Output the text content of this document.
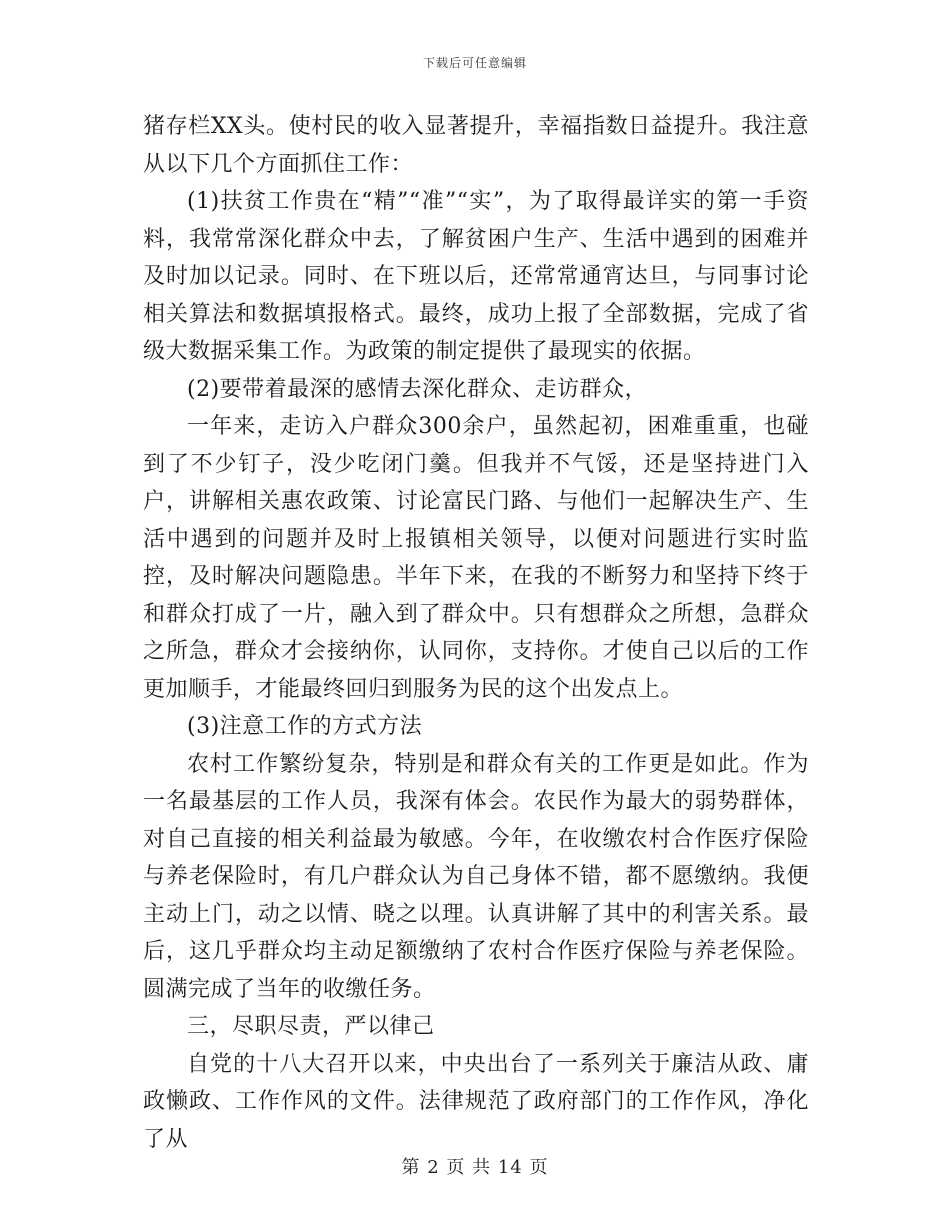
下载后可任意编辑

猪存栏XX头。使村民的收入显著提升，幸福指数日益提升。我注意从以下几个方面抓住工作：

(1)扶贫工作贵在“精”“准”“实”，为了取得最详实的第一手资料，我常常深化群众中去，了解贫困户生产、生活中遇到的困难并及时加以记录。同时、在下班以后，还常常通宵达旦，与同事讨论相关算法和数据填报格式。最终，成功上报了全部数据，完成了省级大数据采集工作。为政策的制定提供了最现实的依据。

(2)要带着最深的感情去深化群众、走访群众，

一年来，走访入户群众300余户，虽然起初，困难重重，也碰到了不少钉子，没少吃闭门羹。但我并不气馁，还是坚持进门入户，讲解相关惠农政策、讨论富民门路、与他们一起解决生产、生活中遇到的问题并及时上报镇相关领导，以便对问题进行实时监控，及时解决问题隐患。半年下来，在我的不断努力和坚持下终于和群众打成了一片，融入到了群众中。只有想群众之所想，急群众之所急，群众才会接纳你，认同你，支持你。才使自己以后的工作更加顺手，才能最终回归到服务为民的这个出发点上。

(3)注意工作的方式方法

农村工作繁纷复杂，特别是和群众有关的工作更是如此。作为一名最基层的工作人员，我深有体会。农民作为最大的弱势群体，对自己直接的相关利益最为敏感。今年，在收缴农村合作医疗保险与养老保险时，有几户群众认为自己身体不错，都不愿缴纳。我便主动上门，动之以情、晓之以理。认真讲解了其中的利害关系。最后，这几乎群众均主动足额缴纳了农村合作医疗保险与养老保险。圆满完成了当年的收缴任务。

三，尽职尽责，严以律己

自党的十八大召开以来，中央出台了一系列关于廉洁从政、庸政懒政、工作作风的文件。法律规范了政府部门的工作作风，净化了从

第 2 页 共 14 页
